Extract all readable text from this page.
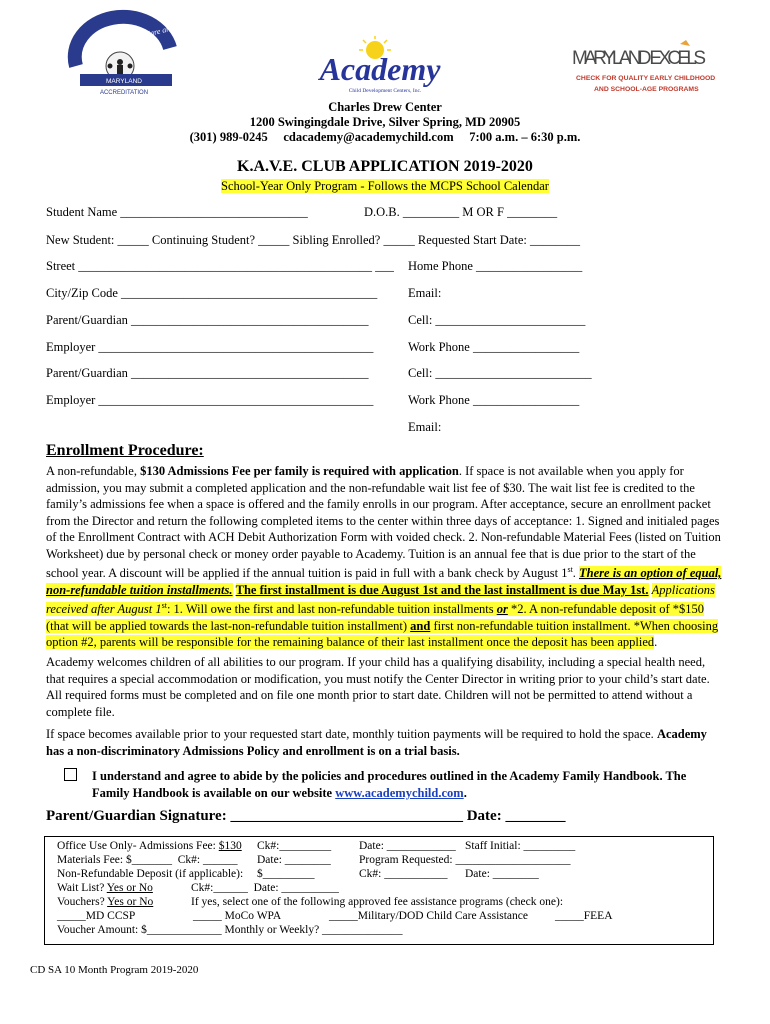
Excellence in Care and Education
MARYLAND
ACCREDITATION
Academy
Child Development Centers, Inc.
MARYLAND EXCELS
CHECK FOR QUALITY EARLY CHILDHOOD
AND SCHOOL-AGE PROGRAMS
Charles Drew Center
1200 Swingingdale Drive, Silver Spring, MD 20905
(301) 989-0245     cdacademy@academychild.com     7:00 a.m. – 6:30 p.m.
K.A.V.E. CLUB APPLICATION 2019-2020
School-Year Only Program - Follows the MCPS School Calendar
Student Name ______________________________	D.O.B. _________ M OR F ________
New Student: _____ Continuing Student? _____ Sibling Enrolled? _____ Requested Start Date: ________
Street _______________________________________________ ___ Home Phone _________________
City/Zip Code _________________________________________ Email:
Parent/Guardian ______________________________________	Cell: ________________________
Employer ____________________________________________	Work Phone _________________
Parent/Guardian ______________________________________	Cell: _________________________
Employer ____________________________________________	Work Phone _________________
Email:
Enrollment Procedure:
A non-refundable, $130 Admissions Fee per family is required with application. If space is not available when you apply for admission, you may submit a completed application and the non-refundable wait list fee of $30. The wait list fee is credited to the family’s admissions fee when a space is offered and the family enrolls in our program. After acceptance, secure an enrollment packet from the Director and return the following completed items to the center within three days of acceptance: 1. Signed and initialed pages of the Enrollment Contract with ACH Debit Authorization Form with voided check. 2. Non-refundable Material Fees (listed on Tuition Worksheet) due by personal check or money order payable to Academy. Tuition is an annual fee that is due prior to the start of the school year. A discount will be applied if the annual tuition is paid in full with a bank check by August 1st. There is an option of equal, non-refundable tuition installments. The first installment is due August 1st and the last installment is due May 1st. Applications received after August 1st: 1. Will owe the first and last non-refundable tuition installments or *2. A non-refundable deposit of *$150 (that will be applied towards the last-non-refundable tuition installment) and first non-refundable tuition installment. *When choosing option #2, parents will be responsible for the remaining balance of their last installment once the deposit has been applied.
Academy welcomes children of all abilities to our program. If your child has a qualifying disability, including a special health need, that requires a special accommodation or modification, you must notify the Center Director in writing prior to your child’s start date. All required forms must be completed and on file one month prior to start date. Children will not be permitted to attend without a complete file.
If space becomes available prior to your requested start date, monthly tuition payments will be required to hold the space. Academy has a non-discriminatory Admissions Policy and enrollment is on a trial basis.
I understand and agree to abide by the policies and procedures outlined in the Academy Family Handbook. The Family Handbook is available on our website www.academychild.com.
Parent/Guardian Signature: _______________________________ Date: ________
Office Use Only- Admissions Fee: $130 Ck#:_________ Date: ____________ Staff Initial: _________
Materials Fee: $_______  Ck#: ______ Date: ________ Program Requested: ____________________
Non-Refundable Deposit (if applicable): $_________	Ck#: ___________ Date: ________
Wait List? Yes or No	Ck#:______  Date: __________
Vouchers? Yes or No	If yes, select one of the following approved fee assistance programs (check one):
_____MD CCSP	_____ MoCo WPA	_____Military/DOD Child Care Assistance _____FEEA
Voucher Amount: $_____________ Monthly or Weekly? ______________
CD SA 10 Month Program 2019-2020
